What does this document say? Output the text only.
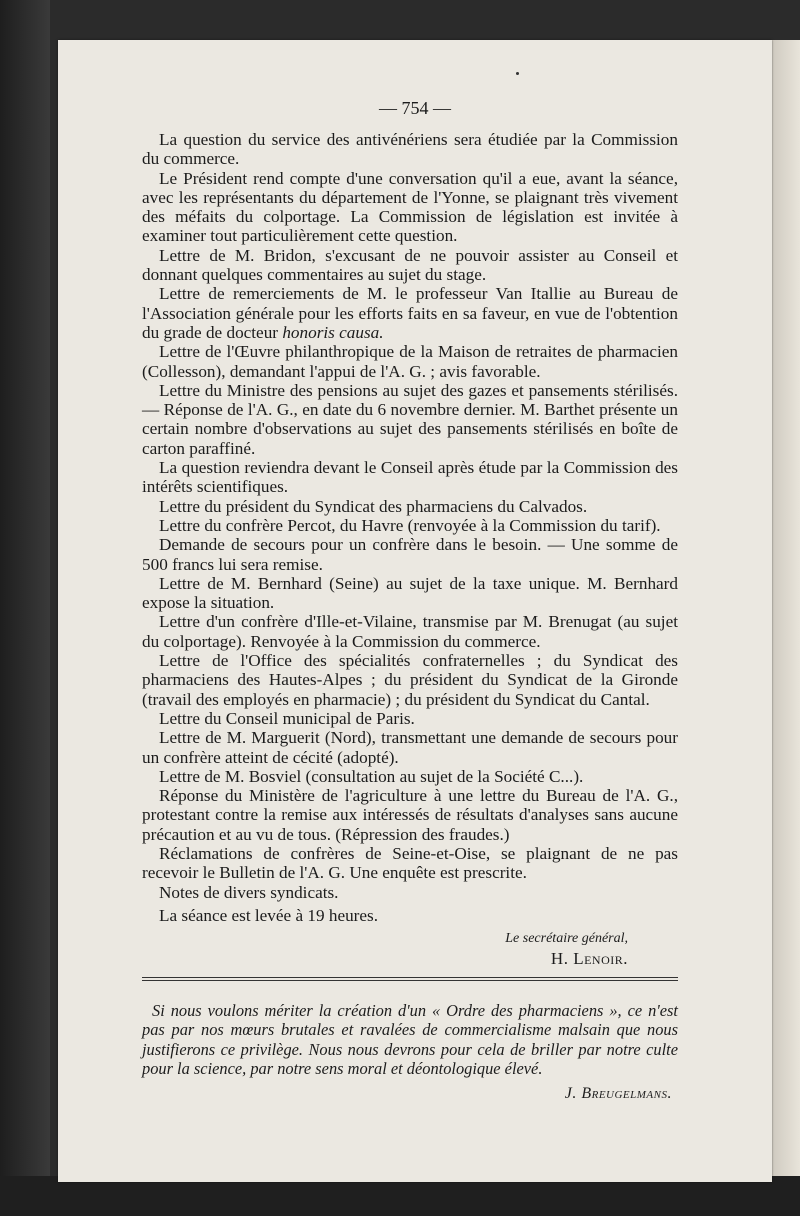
— 754 —

La question du service des antivénériens sera étudiée par la Commission du commerce.

Le Président rend compte d'une conversation qu'il a eue, avant la séance, avec les représentants du département de l'Yonne, se plaignant très vivement des méfaits du colportage. La Commission de législation est invitée à examiner tout particulièrement cette question.

Lettre de M. Bridon, s'excusant de ne pouvoir assister au Conseil et donnant quelques commentaires au sujet du stage.

Lettre de remerciements de M. le professeur Van Itallie au Bureau de l'Association générale pour les efforts faits en sa faveur, en vue de l'obtention du grade de docteur honoris causa.

Lettre de l'Œuvre philanthropique de la Maison de retraites de pharmacien (Collesson), demandant l'appui de l'A. G. ; avis favorable.

Lettre du Ministre des pensions au sujet des gazes et pansements stérilisés. — Réponse de l'A. G., en date du 6 novembre dernier. M. Barthet présente un certain nombre d'observations au sujet des pansements stérilisés en boîte de carton paraffiné.

La question reviendra devant le Conseil après étude par la Commission des intérêts scientifiques.

Lettre du président du Syndicat des pharmaciens du Calvados.

Lettre du confrère Percot, du Havre (renvoyée à la Commission du tarif).

Demande de secours pour un confrère dans le besoin. — Une somme de 500 francs lui sera remise.

Lettre de M. Bernhard (Seine) au sujet de la taxe unique. M. Bernhard expose la situation.

Lettre d'un confrère d'Ille-et-Vilaine, transmise par M. Brenugat (au sujet du colportage). Renvoyée à la Commission du commerce.

Lettre de l'Office des spécialités confraternelles ; du Syndicat des pharmaciens des Hautes-Alpes ; du président du Syndicat de la Gironde (travail des employés en pharmacie) ; du président du Syndicat du Cantal.

Lettre du Conseil municipal de Paris.

Lettre de M. Marguerit (Nord), transmettant une demande de secours pour un confrère atteint de cécité (adopté).

Lettre de M. Bosviel (consultation au sujet de la Société C...).

Réponse du Ministère de l'agriculture à une lettre du Bureau de l'A. G., protestant contre la remise aux intéressés de résultats d'analyses sans aucune précaution et au vu de tous. (Répression des fraudes.)

Réclamations de confrères de Seine-et-Oise, se plaignant de ne pas recevoir le Bulletin de l'A. G. Une enquête est prescrite.

Notes de divers syndicats.

La séance est levée à 19 heures.

Le secrétaire général,
H. Lenoir.

Si nous voulons mériter la création d'un « Ordre des pharmaciens », ce n'est pas par nos mœurs brutales et ravalées de commercialisme malsain que nous justifierons ce privilège. Nous nous devrons pour cela de briller par notre culte pour la science, par notre sens moral et déontologique élevé.

J. Breugelmans.
